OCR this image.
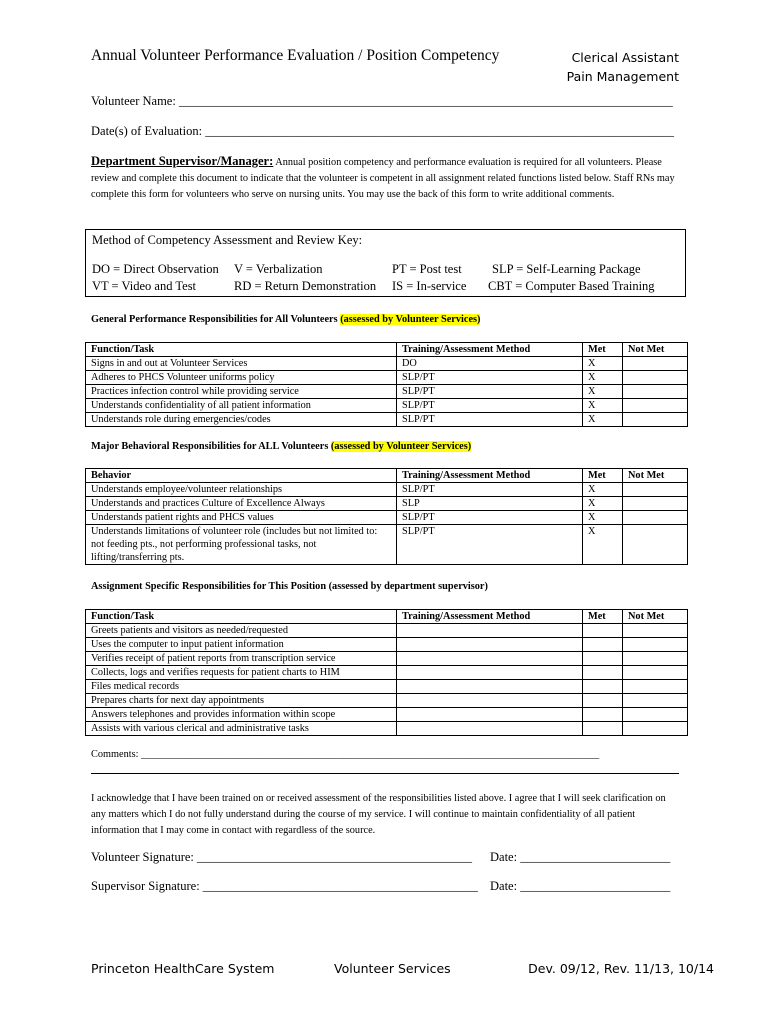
Annual Volunteer Performance Evaluation / Position Competency	Clerical Assistant
Pain Management
Volunteer Name: _______________________________________________________________________________
Date(s) of Evaluation: ___________________________________________________________________________
Department Supervisor/Manager: Annual position competency and performance evaluation is required for all volunteers. Please review and complete this document to indicate that the volunteer is competent in all assignment related functions listed below. Staff RNs may complete this form for volunteers who serve on nursing units. You may use the back of this form to write additional comments.
Method of Competency Assessment and Review Key:
DO = Direct Observation V = Verbalization	PT = Post test SLP = Self-Learning Package
VT = Video and Test	RD = Return Demonstration IS = In-service CBT = Computer Based Training
General Performance Responsibilities for All Volunteers (assessed by Volunteer Services)
Function/Task	Training/Assessment Method	Met	Not Met
Signs in and out at Volunteer Services	DO	X	
Adheres to PHCS Volunteer uniforms policy	SLP/PT	X	
Practices infection control while providing service	SLP/PT	X	
Understands confidentiality of all patient information	SLP/PT	X	
Understands role during emergencies/codes	SLP/PT	X	
Major Behavioral Responsibilities for ALL Volunteers (assessed by Volunteer Services)
Behavior	Training/Assessment Method	Met	Not Met
Understands employee/volunteer relationships	SLP/PT	X	
Understands and practices Culture of Excellence Always	SLP	X	
Understands patient rights and PHCS values	SLP/PT	X	
Understands limitations of volunteer role (includes but not limited to: not feeding pts., not performing professional tasks, not lifting/transferring pts.	SLP/PT	X	
Assignment Specific Responsibilities for This Position (assessed by department supervisor)
Function/Task	Training/Assessment Method	Met	Not Met
Greets patients and visitors as needed/requested			
Uses the computer to input patient information			
Verifies receipt of patient reports from transcription service			
Collects, logs and verifies requests for patient charts to HIM			
Files medical records			
Prepares charts for next day appointments			
Answers telephones and provides information within scope			
Assists with various clerical and administrative tasks			
Comments: _________________________________________________________________________________________
I acknowledge that I have been trained on or received assessment of the responsibilities listed above. I agree that I will seek clarification on any matters which I do not fully understand during the course of my service. I will continue to maintain confidentiality of all patient information that I may come in contact with regardless of the source.
Volunteer Signature: ____________________________________________ Date: ________________________
Supervisor Signature: ____________________________________________ Date: ________________________
Princeton HealthCare System	Volunteer Services	Dev. 09/12, Rev. 11/13, 10/14
